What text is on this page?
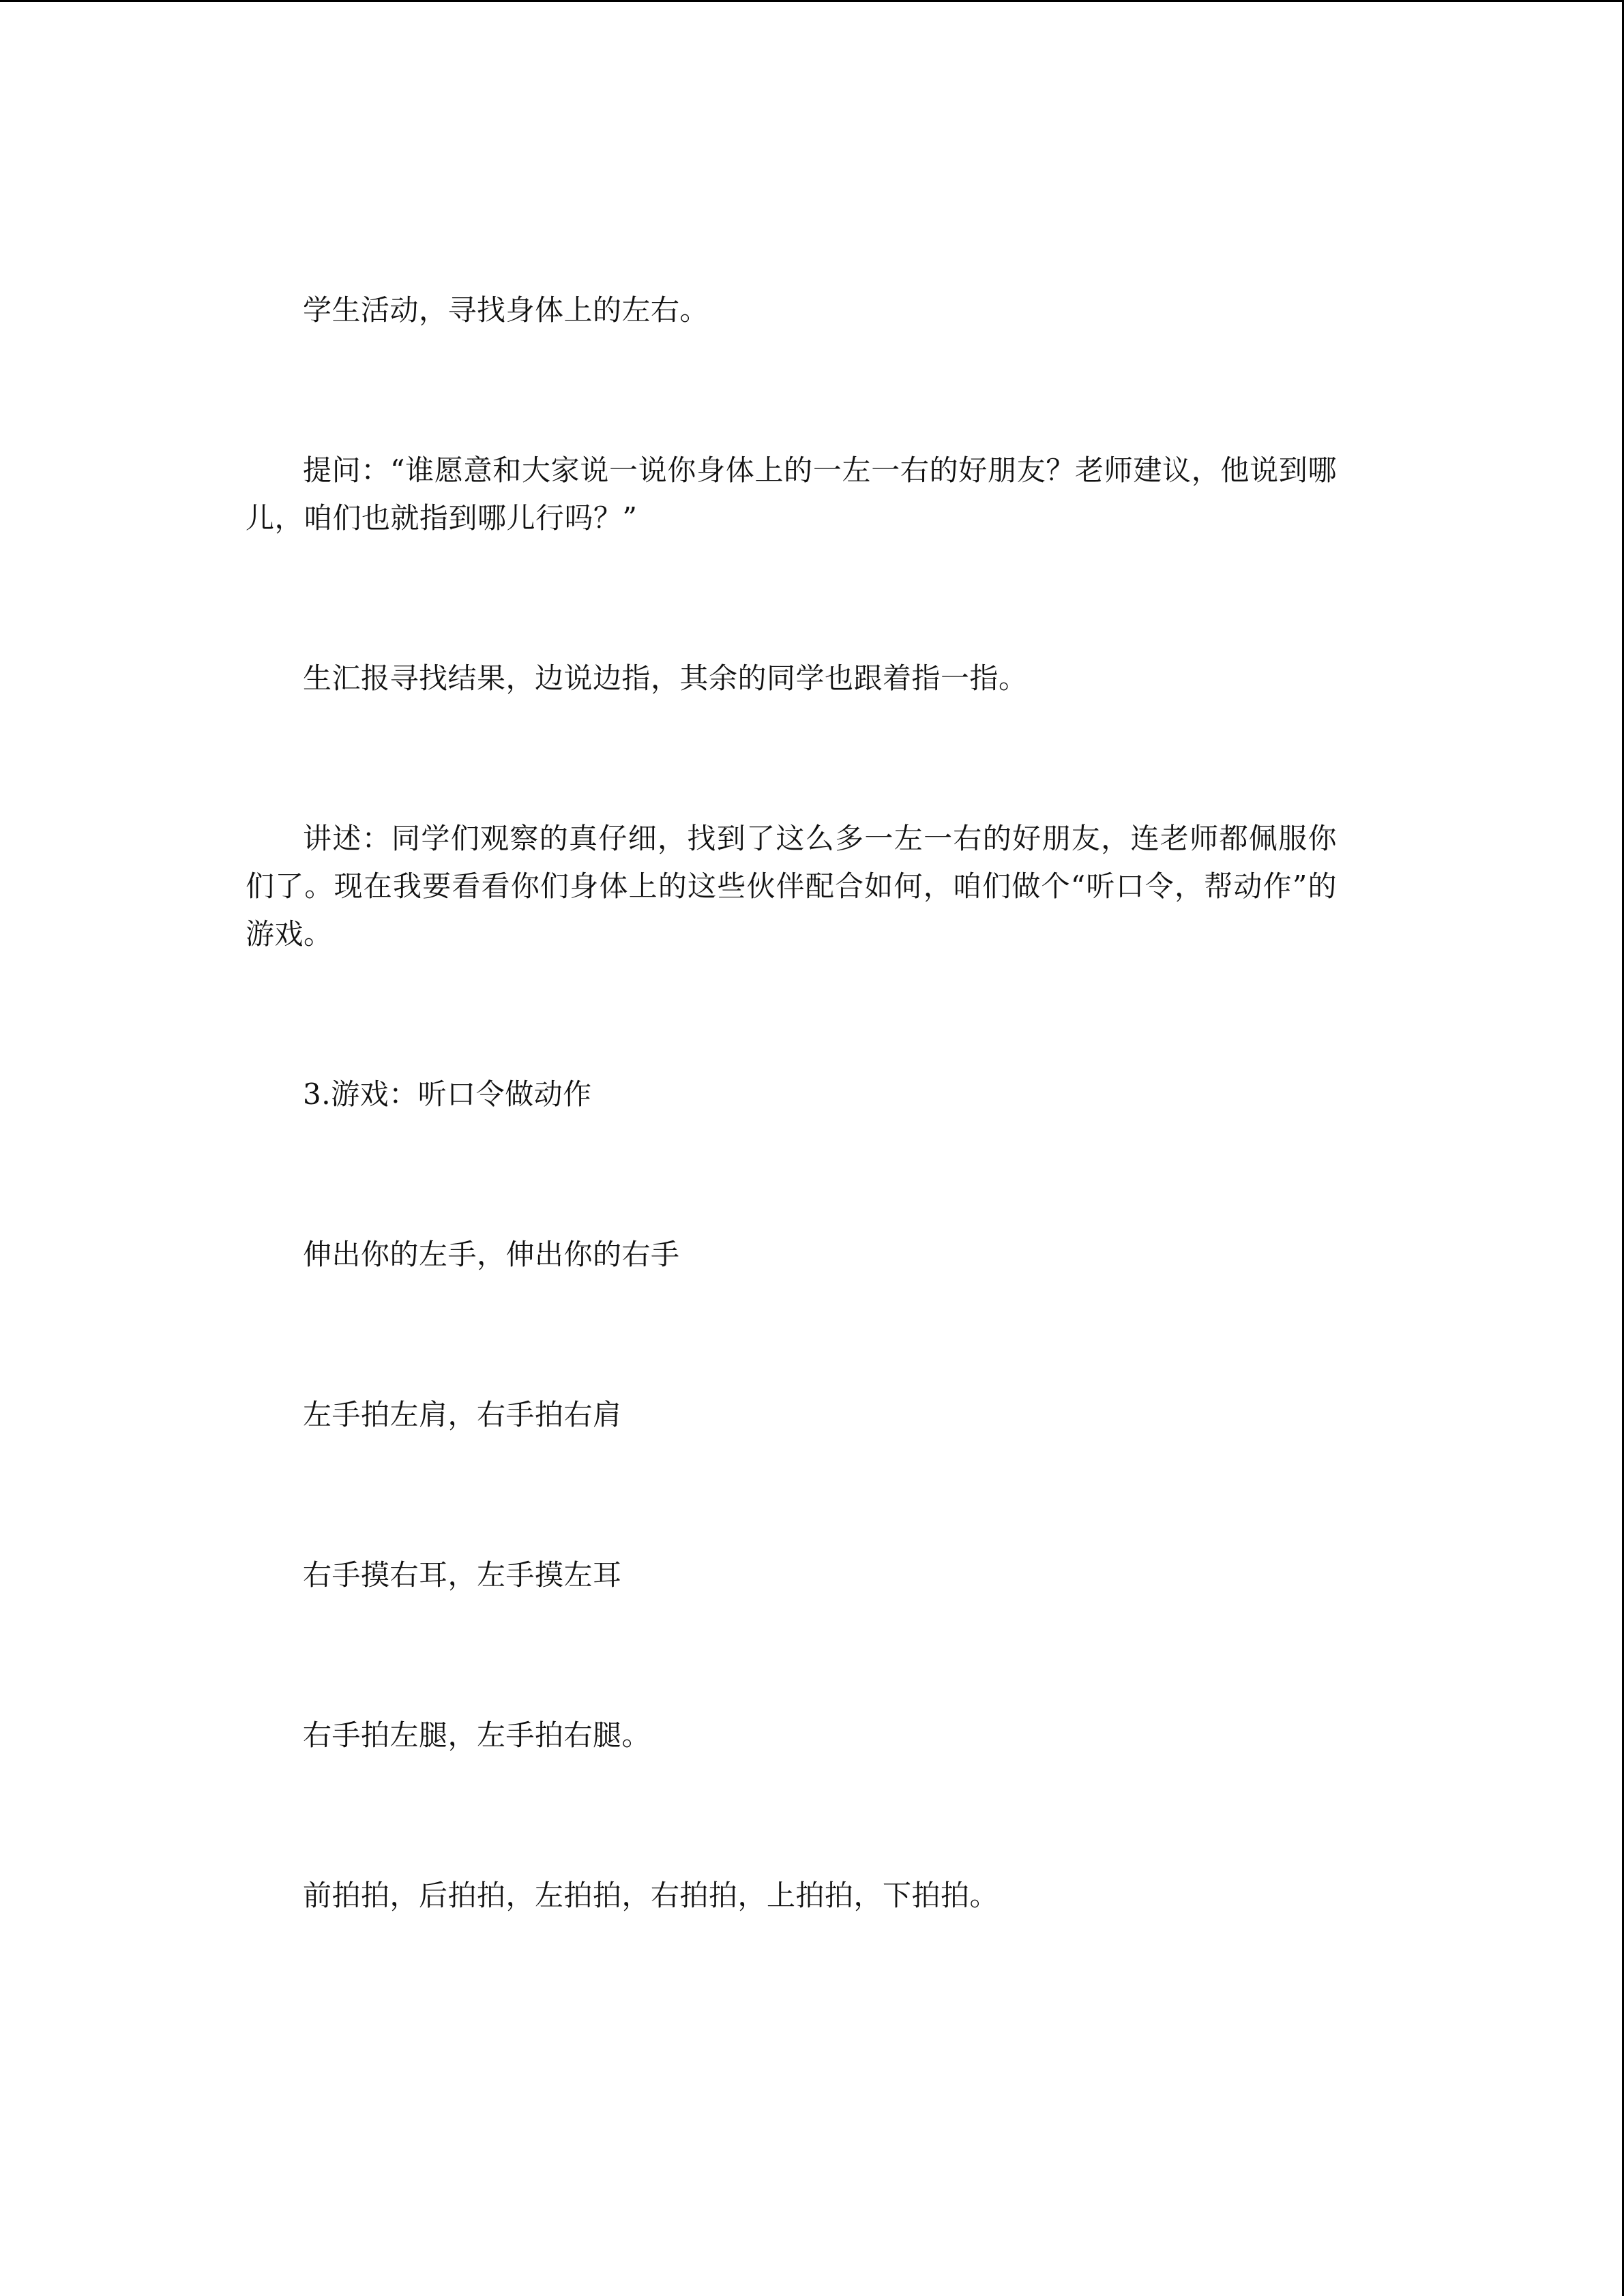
学生活动，寻找身体上的左右。

提问：“谁愿意和大家说一说你身体上的一左一右的好朋友？老师建议，他说到哪儿，咱们也就指到哪儿行吗？”

生汇报寻找结果，边说边指，其余的同学也跟着指一指。

讲述：同学们观察的真仔细，找到了这么多一左一右的好朋友，连老师都佩服你们了。现在我要看看你们身体上的这些伙伴配合如何，咱们做个“听口令，帮动作”的游戏。

3.游戏：听口令做动作

伸出你的左手，伸出你的右手

左手拍左肩，右手拍右肩

右手摸右耳，左手摸左耳

右手拍左腿，左手拍右腿。

前拍拍，后拍拍，左拍拍，右拍拍，上拍拍，下拍拍。
